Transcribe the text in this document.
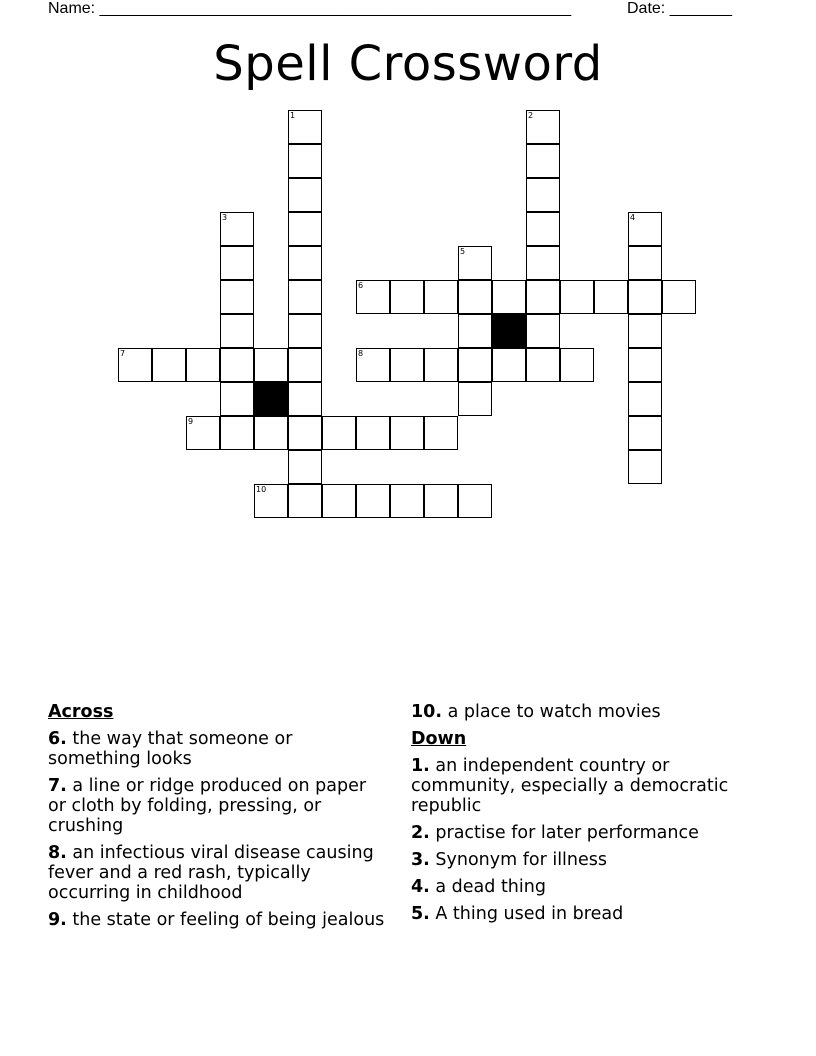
Name: _____________________________________________________	Date: _______
Spell Crossword
1	2
3	4
5
6
7	8
9
10
Across
6. the way that someone or something looks
7. a line or ridge produced on paper or cloth by folding, pressing, or crushing
8. an infectious viral disease causing fever and a red rash, typically occurring in childhood
9. the state or feeling of being jealous
10. a place to watch movies
Down
1. an independent country or community, especially a democratic republic
2. practise for later performance
3. Synonym for illness
4. a dead thing
5. A thing used in bread
